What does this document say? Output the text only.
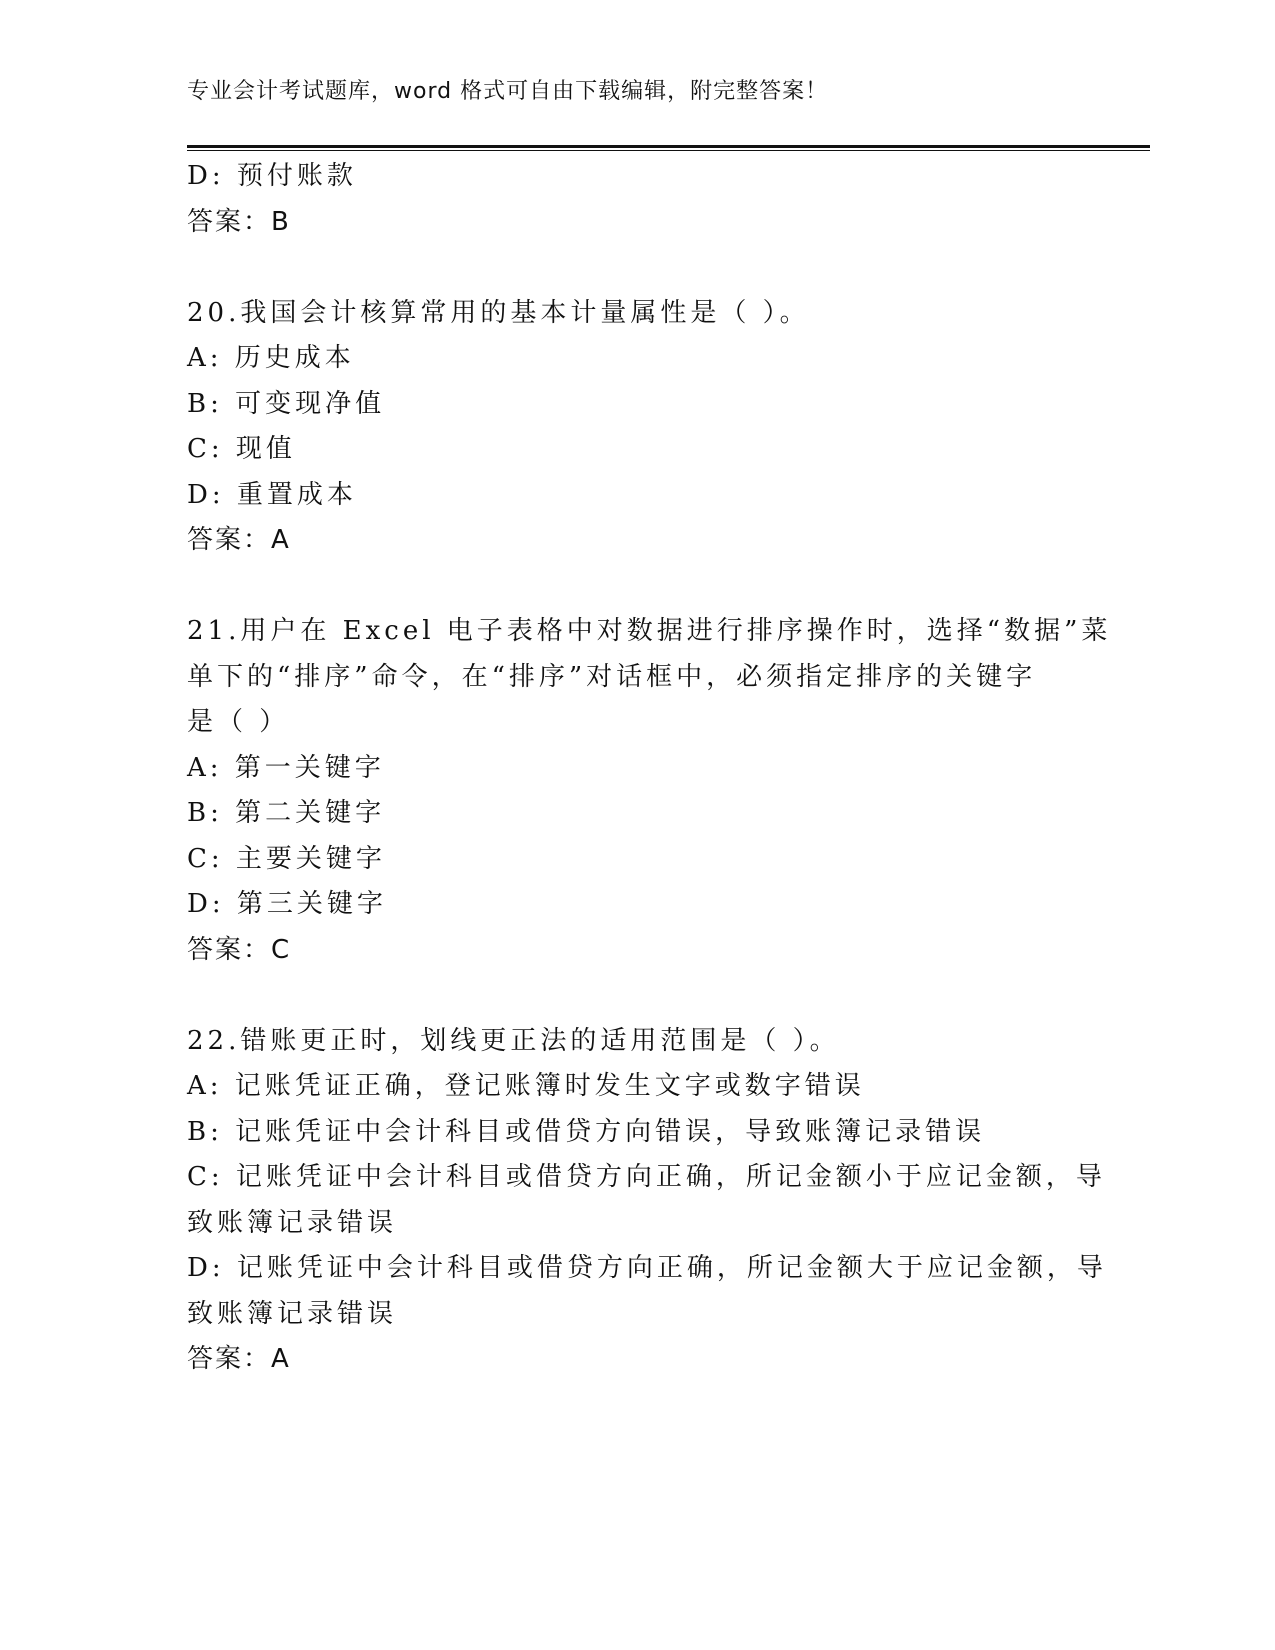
专业会计考试题库，word 格式可自由下载编辑，附完整答案！
D: 预付账款
答案：B
20.我国会计核算常用的基本计量属性是（ ）。
A: 历史成本
B: 可变现净值
C: 现值
D: 重置成本
答案：A
21.用户在 Excel 电子表格中对数据进行排序操作时，选择“数据”菜
单下的“排序”命令，在“排序”对话框中，必须指定排序的关键字
是（ ）
A: 第一关键字
B: 第二关键字
C: 主要关键字
D: 第三关键字
答案：C
22.错账更正时，划线更正法的适用范围是（ ）。
A: 记账凭证正确，登记账簿时发生文字或数字错误
B: 记账凭证中会计科目或借贷方向错误，导致账簿记录错误
C: 记账凭证中会计科目或借贷方向正确，所记金额小于应记金额，导
致账簿记录错误
D: 记账凭证中会计科目或借贷方向正确，所记金额大于应记金额，导
致账簿记录错误
答案：A
